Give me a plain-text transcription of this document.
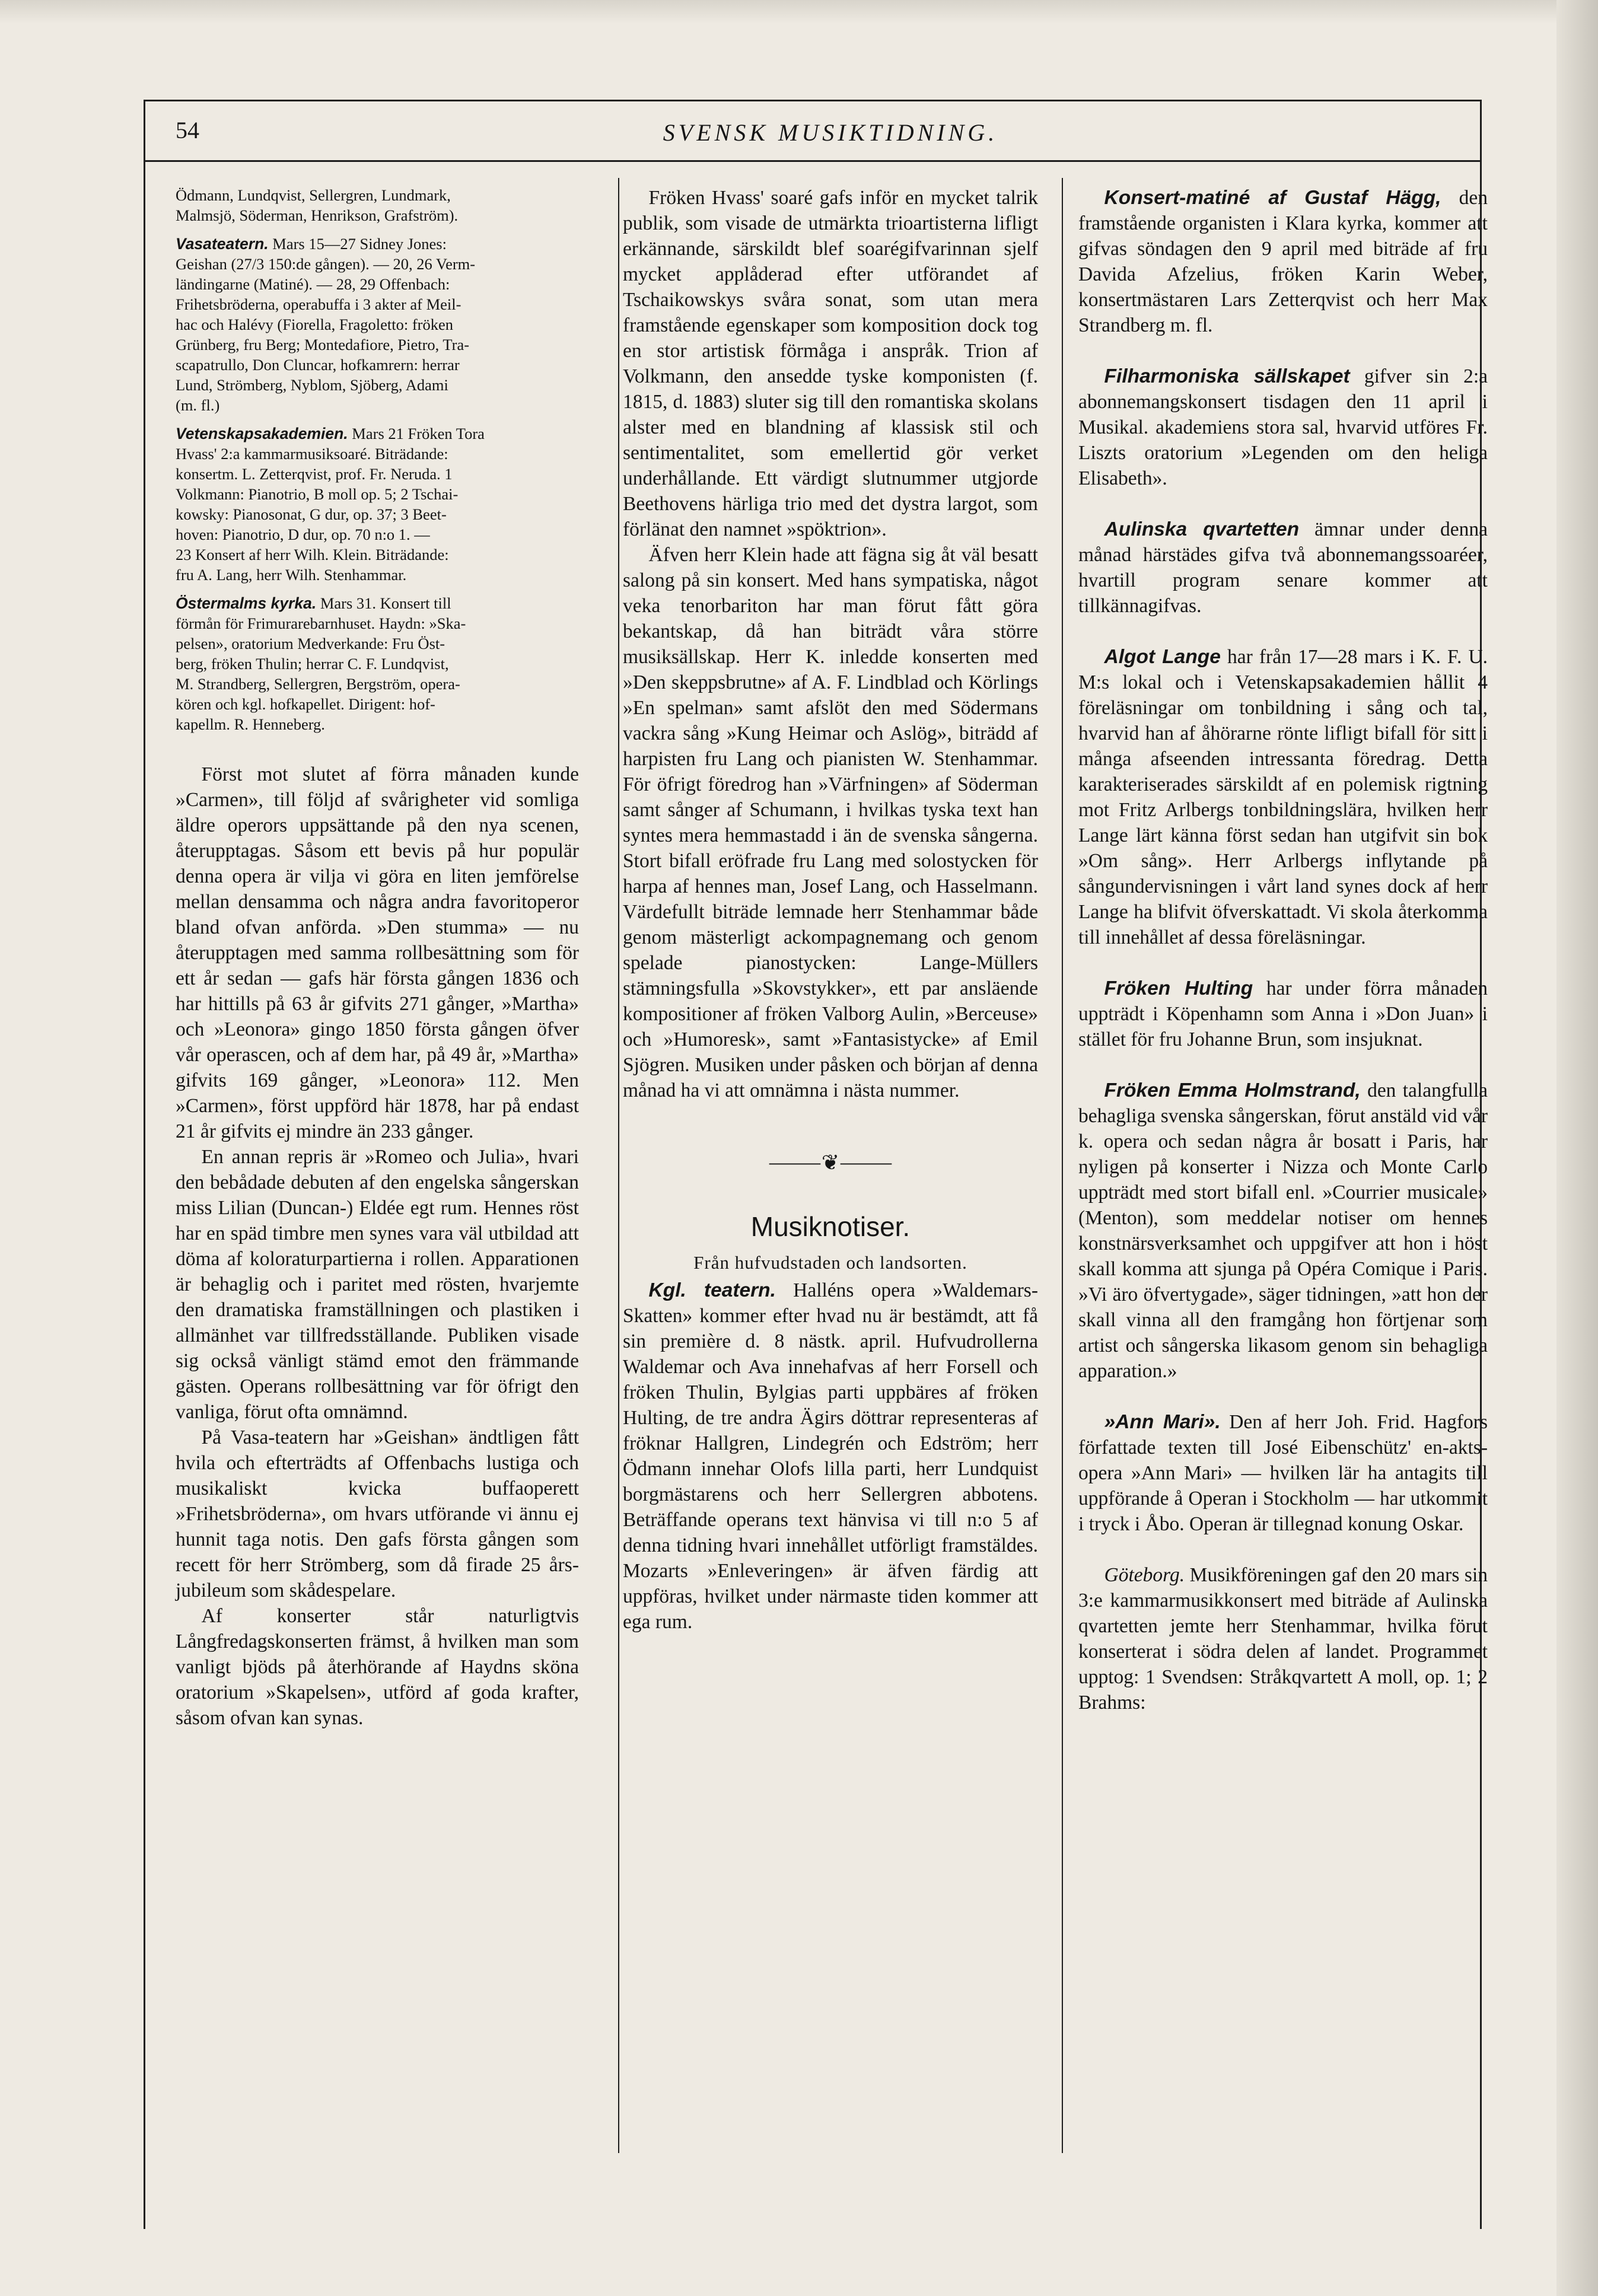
54	SVENSK MUSIKTIDNING.

Ödmann, Lundqvist, Sellergren, Lundmark,

Malmsjö, Söderman, Henrikson, Grafström).

Vasateatern. Mars 15—27 Sidney Jones:

Geishan (27/3 150:de gången). — 20, 26 Verm-

ländingarne (Matiné). — 28, 29 Offenbach:

Frihetsbröderna, operabuffa i 3 akter af Meil-

hac och Halévy (Fiorella, Fragoletto: fröken

Grünberg, fru Berg; Montedafiore, Pietro, Tra-

scapatrullo, Don Cluncar, hofkamrern: herrar

Lund, Strömberg, Nyblom, Sjöberg, Adami

(m. fl.)

Vetenskapsakademien. Mars 21 Fröken Tora

Hvass' 2:a kammarmusiksoaré. Biträdande:

konsertm. L. Zetterqvist, prof. Fr. Neruda. 1

Volkmann: Pianotrio, B moll op. 5; 2 Tschai-

kowsky: Pianosonat, G dur, op. 37; 3 Beet-

hoven: Pianotrio, D dur, op. 70 n:o 1. —

23 Konsert af herr Wilh. Klein. Biträdande:

fru A. Lang, herr Wilh. Stenhammar.

Östermalms kyrka. Mars 31. Konsert till

förmån för Frimurarebarnhuset. Haydn: »Ska-

pelsen», oratorium Medverkande: Fru Öst-

berg, fröken Thulin; herrar C. F. Lundqvist,

M. Strandberg, Sellergren, Bergström, opera-

kören och kgl. hofkapellet. Dirigent: hof-

kapellm. R. Henneberg.

Först mot slutet af förra månaden kunde »Carmen», till följd af svårigheter vid somliga äldre operors uppsättande på den nya scenen, återupptagas. Såsom ett bevis på hur populär denna opera är vilja vi göra en liten jemförelse mellan densamma och några andra favoritoperor bland ofvan anförda. »Den stumma» — nu återupptagen med samma rollbesättning som för ett år sedan — gafs här första gången 1836 och har hittills på 63 år gifvits 271 gånger, »Martha» och »Leonora» gingo 1850 första gången öfver vår operascen, och af dem har, på 49 år, »Martha» gifvits 169 gånger, »Leonora» 112. Men »Carmen», först uppförd här 1878, har på endast 21 år gifvits ej mindre än 233 gånger.

En annan repris är »Romeo och Julia», hvari den bebådade debuten af den engelska sångerskan miss Lilian (Duncan-) Eldée egt rum. Hennes röst har en späd timbre men synes vara väl utbildad att döma af koloraturpartierna i rollen. Apparationen är behaglig och i paritet med rösten, hvarjemte den dramatiska framställningen och plastiken i allmänhet var tillfredsställande. Publiken visade sig också vänligt stämd emot den främmande gästen. Operans rollbesättning var för öfrigt den vanliga, förut ofta omnämnd.

På Vasa-teatern har »Geishan» ändtligen fått hvila och efterträdts af Offenbachs lustiga och musikaliskt kvicka buffaoperett »Frihetsbröderna», om hvars utförande vi ännu ej hunnit taga notis. Den gafs första gången som recett för herr Strömberg, som då firade 25 års-jubileum som skådespelare.

Af konserter står naturligtvis Långfredagskonserten främst, å hvilken man som vanligt bjöds på återhörande af Haydns sköna oratorium »Skapelsen», utförd af goda krafter, såsom ofvan kan synas.

Fröken Hvass' soaré gafs inför en mycket talrik publik, som visade de utmärkta trioartisterna lifligt erkännande, särskildt blef soarégifvarinnan sjelf mycket applåderad efter utförandet af Tschaikowskys svåra sonat, som utan mera framstående egenskaper som komposition dock tog en stor artistisk förmåga i anspråk. Trion af Volkmann, den ansedde tyske komponisten (f. 1815, d. 1883) sluter sig till den romantiska skolans alster med en blandning af klassisk stil och sentimentalitet, som emellertid gör verket underhållande. Ett värdigt slutnummer utgjorde Beethovens härliga trio med det dystra largot, som förlänat den namnet »spöktrion».

Äfven herr Klein hade att fägna sig åt väl besatt salong på sin konsert. Med hans sympatiska, något veka tenorbariton har man förut fått göra bekantskap, då han biträdt våra större musiksällskap. Herr K. inledde konserten med »Den skeppsbrutne» af A. F. Lindblad och Körlings »En spelman» samt afslöt den med Södermans vackra sång »Kung Heimar och Aslög», biträdd af harpisten fru Lang och pianisten W. Stenhammar. För öfrigt föredrog han »Värfningen» af Söderman samt sånger af Schumann, i hvilkas tyska text han syntes mera hemmastadd i än de svenska sångerna. Stort bifall eröfrade fru Lang med solostycken för harpa af hennes man, Josef Lang, och Hasselmann. Värdefullt biträde lemnade herr Stenhammar både genom mästerligt ackompagnemang och genom spelade pianostycken: Lange-Müllers stämningsfulla »Skovstykker», ett par ansläende kompositioner af fröken Valborg Aulin, »Berceuse» och »Humoresk», samt »Fantasistycke» af Emil Sjögren. Musiken under påsken och början af denna månad ha vi att omnämna i nästa nummer.

⸻❦⸻
Musiknotiser.
Från hufvudstaden och landsorten.

Kgl. teatern. Halléns opera »Waldemars-Skatten» kommer efter hvad nu är bestämdt, att få sin première d. 8 nästk. april. Hufvudrollerna Waldemar och Ava innehafvas af herr Forsell och fröken Thulin, Bylgias parti uppbäres af fröken Hulting, de tre andra Ägirs döttrar representeras af fröknar Hallgren, Lindegrén och Edström; herr Ödmann innehar Olofs lilla parti, herr Lundquist borgmästarens och herr Sellergren abbotens. Beträffande operans text hänvisa vi till n:o 5 af denna tidning hvari innehållet utförligt framstäldes. Mozarts »Enleveringen» är äfven färdig att uppföras, hvilket under närmaste tiden kommer att ega rum.

Konsert-matiné af Gustaf Hägg, den framstående organisten i Klara kyrka, kommer att gifvas söndagen den 9 april med biträde af fru Davida Afzelius, fröken Karin Weber, konsertmästaren Lars Zetterqvist och herr Max Strandberg m. fl.

Filharmoniska sällskapet gifver sin 2:a abonnemangskonsert tisdagen den 11 april i Musikal. akademiens stora sal, hvarvid utföres Fr. Liszts oratorium »Legenden om den heliga Elisabeth».

Aulinska qvartetten ämnar under denna månad härstädes gifva två abonnemangssoaréer, hvartill program senare kommer att tillkännagifvas.

Algot Lange har från 17—28 mars i K. F. U. M:s lokal och i Vetenskapsakademien hållit 4 föreläsningar om tonbildning i sång och tal, hvarvid han af åhörarne rönte lifligt bifall för sitt i många afseenden intressanta föredrag. Detta karakteriserades särskildt af en polemisk rigtning mot Fritz Arlbergs tonbildningslära, hvilken herr Lange lärt känna först sedan han utgifvit sin bok »Om sång». Herr Arlbergs inflytande på sångundervisningen i vårt land synes dock af herr Lange ha blifvit öfverskattadt. Vi skola återkomma till innehållet af dessa föreläsningar.

Fröken Hulting har under förra månaden uppträdt i Köpenhamn som Anna i »Don Juan» i stället för fru Johanne Brun, som insjuknat.

Fröken Emma Holmstrand, den talangfulla behagliga svenska sångerskan, förut anstäld vid vår k. opera och sedan några år bosatt i Paris, har nyligen på konserter i Nizza och Monte Carlo uppträdt med stort bifall enl. »Courrier musicale» (Menton), som meddelar notiser om hennes konstnärsverksamhet och uppgifver att hon i höst skall komma att sjunga på Opéra Comique i Paris. »Vi äro öfvertygade», säger tidningen, »att hon der skall vinna all den framgång hon förtjenar som artist och sångerska likasom genom sin behagliga apparation.»

»Ann Mari». Den af herr Joh. Frid. Hagfors författade texten till José Eibenschütz' en-akts-opera »Ann Mari» — hvilken lär ha antagits till uppförande å Operan i Stockholm — har utkommit i tryck i Åbo. Operan är tillegnad konung Oskar.

Göteborg. Musikföreningen gaf den 20 mars sin 3:e kammarmusikkonsert med biträde af Aulinska qvartetten jemte herr Stenhammar, hvilka förut konserterat i södra delen af landet. Programmet upptog: 1 Svendsen: Stråkqvartett A moll, op. 1; 2 Brahms:
